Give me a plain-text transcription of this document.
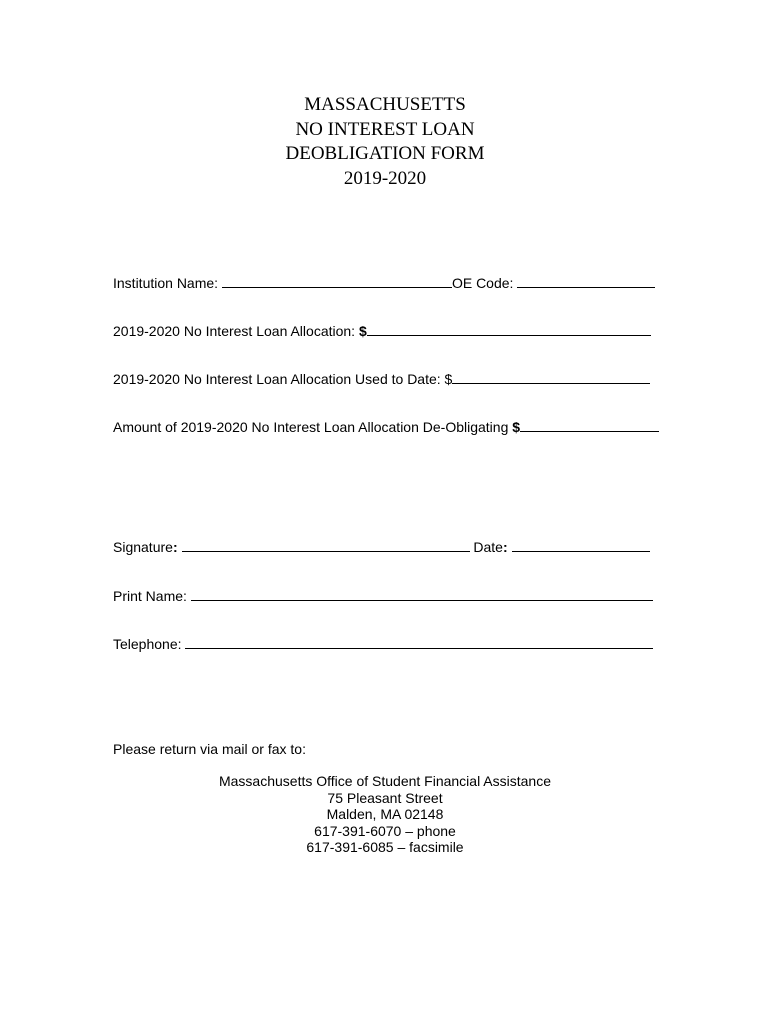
MASSACHUSETTS
NO INTEREST LOAN
DEOBLIGATION FORM
2019-2020
Institution Name:	OE Code:
2019-2020 No Interest Loan Allocation: $
2019-2020 No Interest Loan Allocation Used to Date: $
Amount of 2019-2020 No Interest Loan Allocation De-Obligating $
Signature:	Date:
Print Name:
Telephone:
Please return via mail or fax to:
Massachusetts Office of Student Financial Assistance
75 Pleasant Street
Malden, MA 02148
617-391-6070 – phone
617-391-6085 – facsimile
